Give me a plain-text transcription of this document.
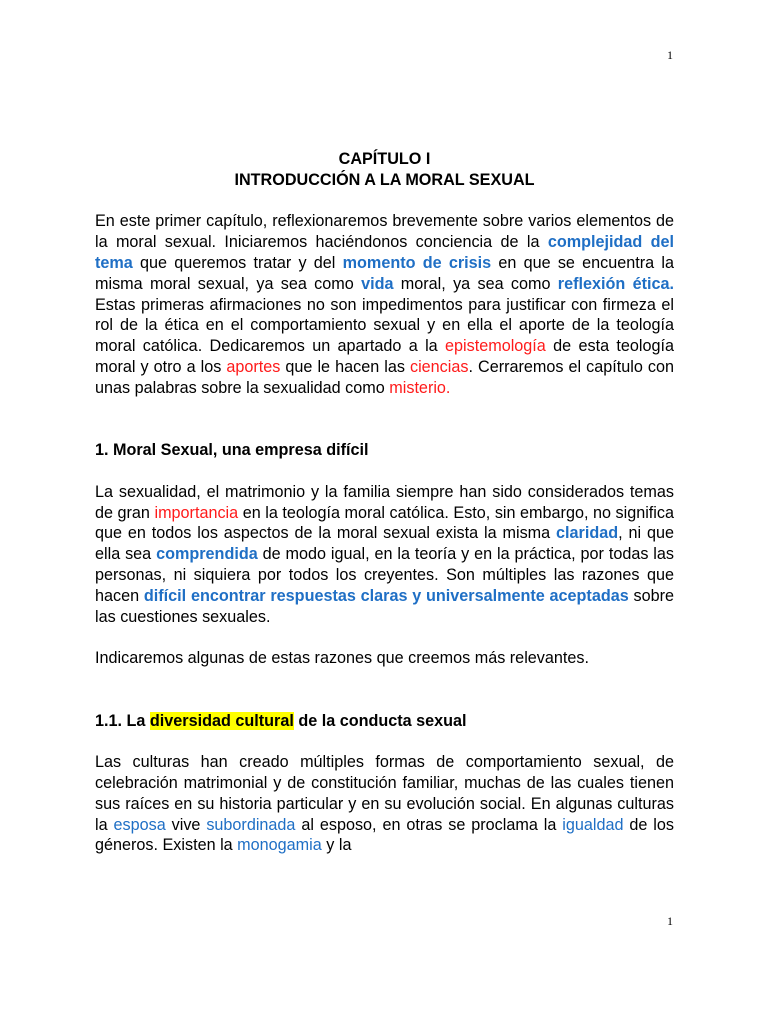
1

CAPÍTULO I
INTRODUCCIÓN A LA MORAL SEXUAL

En este primer capítulo, reflexionaremos brevemente sobre varios elementos de la moral sexual. Iniciaremos haciéndonos conciencia de la complejidad del tema que queremos tratar y del momento de crisis en que se encuentra la misma moral sexual, ya sea como vida moral, ya sea como reflexión ética. Estas primeras afirmaciones no son impedimentos para justificar con firmeza el rol de la ética en el comportamiento sexual y en ella el aporte de la teología moral católica. Dedicaremos un apartado a la epistemología de esta teología moral y otro a los aportes que le hacen las ciencias. Cerraremos el capítulo con unas palabras sobre la sexualidad como misterio.

1. Moral Sexual, una empresa difícil

La sexualidad, el matrimonio y la familia siempre han sido considerados temas de gran importancia en la teología moral católica. Esto, sin embargo, no significa que en todos los aspectos de la moral sexual exista la misma claridad, ni que ella sea comprendida de modo igual, en la teoría y en la práctica, por todas las personas, ni siquiera por todos los creyentes. Son múltiples las razones que hacen difícil encontrar respuestas claras y universalmente aceptadas sobre las cuestiones sexuales.

Indicaremos algunas de estas razones que creemos más relevantes.

1.1. La diversidad cultural de la conducta sexual

Las culturas han creado múltiples formas de comportamiento sexual, de celebración matrimonial y de constitución familiar, muchas de las cuales tienen sus raíces en su historia particular y en su evolución social. En algunas culturas la esposa vive subordinada al esposo, en otras se proclama la igualdad de los géneros. Existen la monogamia y la

1
